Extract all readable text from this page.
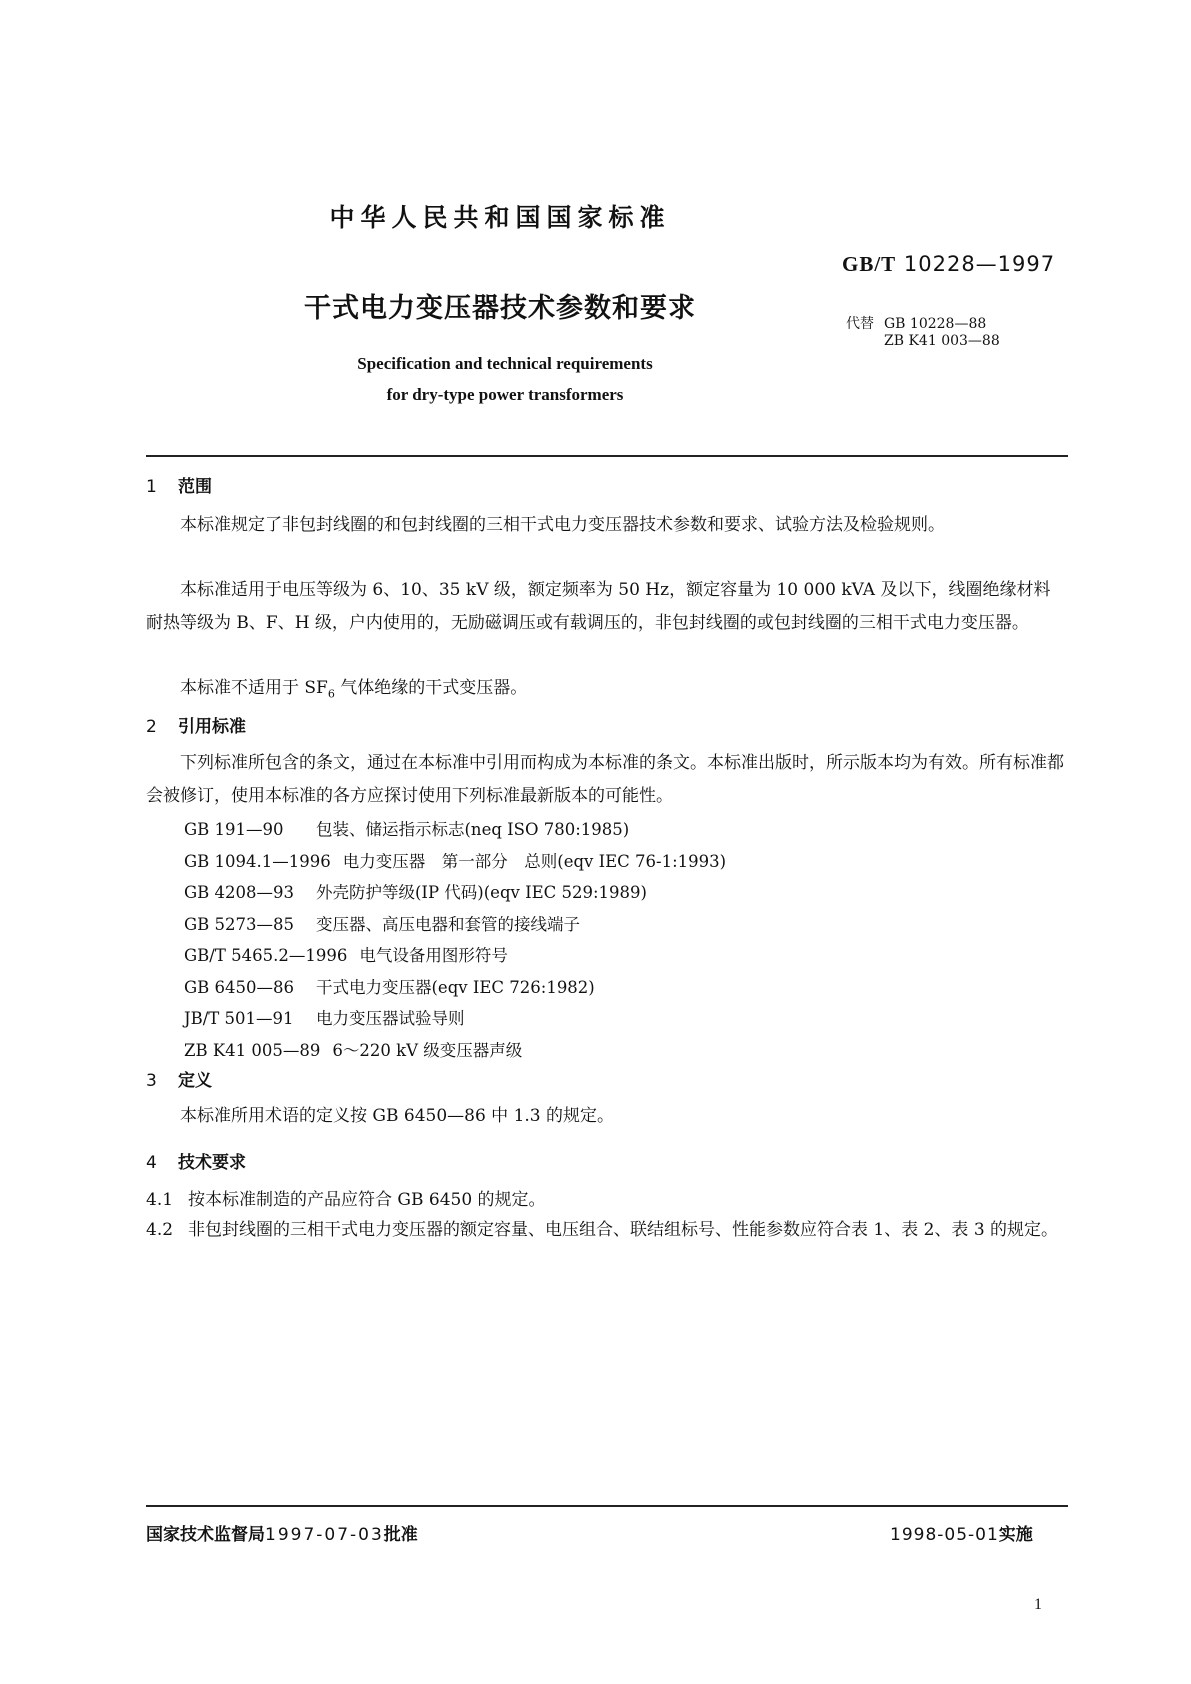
中华人民共和国国家标准
GB/T 10228—1997
干式电力变压器技术参数和要求	代替 GB 10228—88
ZB K41 003—88
Specification and technical requirements
for dry-type power transformers
1 范围
本标准规定了非包封线圈的和包封线圈的三相干式电力变压器技术参数和要求、试验方法及检验规则。
本标准适用于电压等级为 6、10、35 kV 级，额定频率为 50 Hz，额定容量为 10 000 kVA 及以下，线圈绝缘材料耐热等级为 B、F、H 级，户内使用的，无励磁调压或有载调压的，非包封线圈的或包封线圈的三相干式电力变压器。
本标准不适用于 $SF_6$ 气体绝缘的干式变压器。
2 引用标准
下列标准所包含的条文，通过在本标准中引用而构成为本标准的条文。本标准出版时，所示版本均为有效。所有标准都会被修订，使用本标准的各方应探讨使用下列标准最新版本的可能性。
GB 191—90 包装、储运指示标志(neq ISO 780:1985)
GB 1094.1—1996 电力变压器　第一部分　总则(eqv IEC 76-1:1993)
GB 4208—93 外壳防护等级(IP 代码)(eqv IEC 529:1989)
GB 5273—85 变压器、高压电器和套管的接线端子
GB/T 5465.2—1996 电气设备用图形符号
GB 6450—86 干式电力变压器(eqv IEC 726:1982)
JB/T 501—91 电力变压器试验导则
ZB K41 005—89 6～220 kV 级变压器声级
3 定义
本标准所用术语的定义按 GB 6450—86 中 1.3 的规定。
4 技术要求
4.1 按本标准制造的产品应符合 GB 6450 的规定。
4.2 非包封线圈的三相干式电力变压器的额定容量、电压组合、联结组标号、性能参数应符合表 1、表 2、表 3 的规定。
国家技术监督局1997-07-03批准	1998-05-01实施
1
